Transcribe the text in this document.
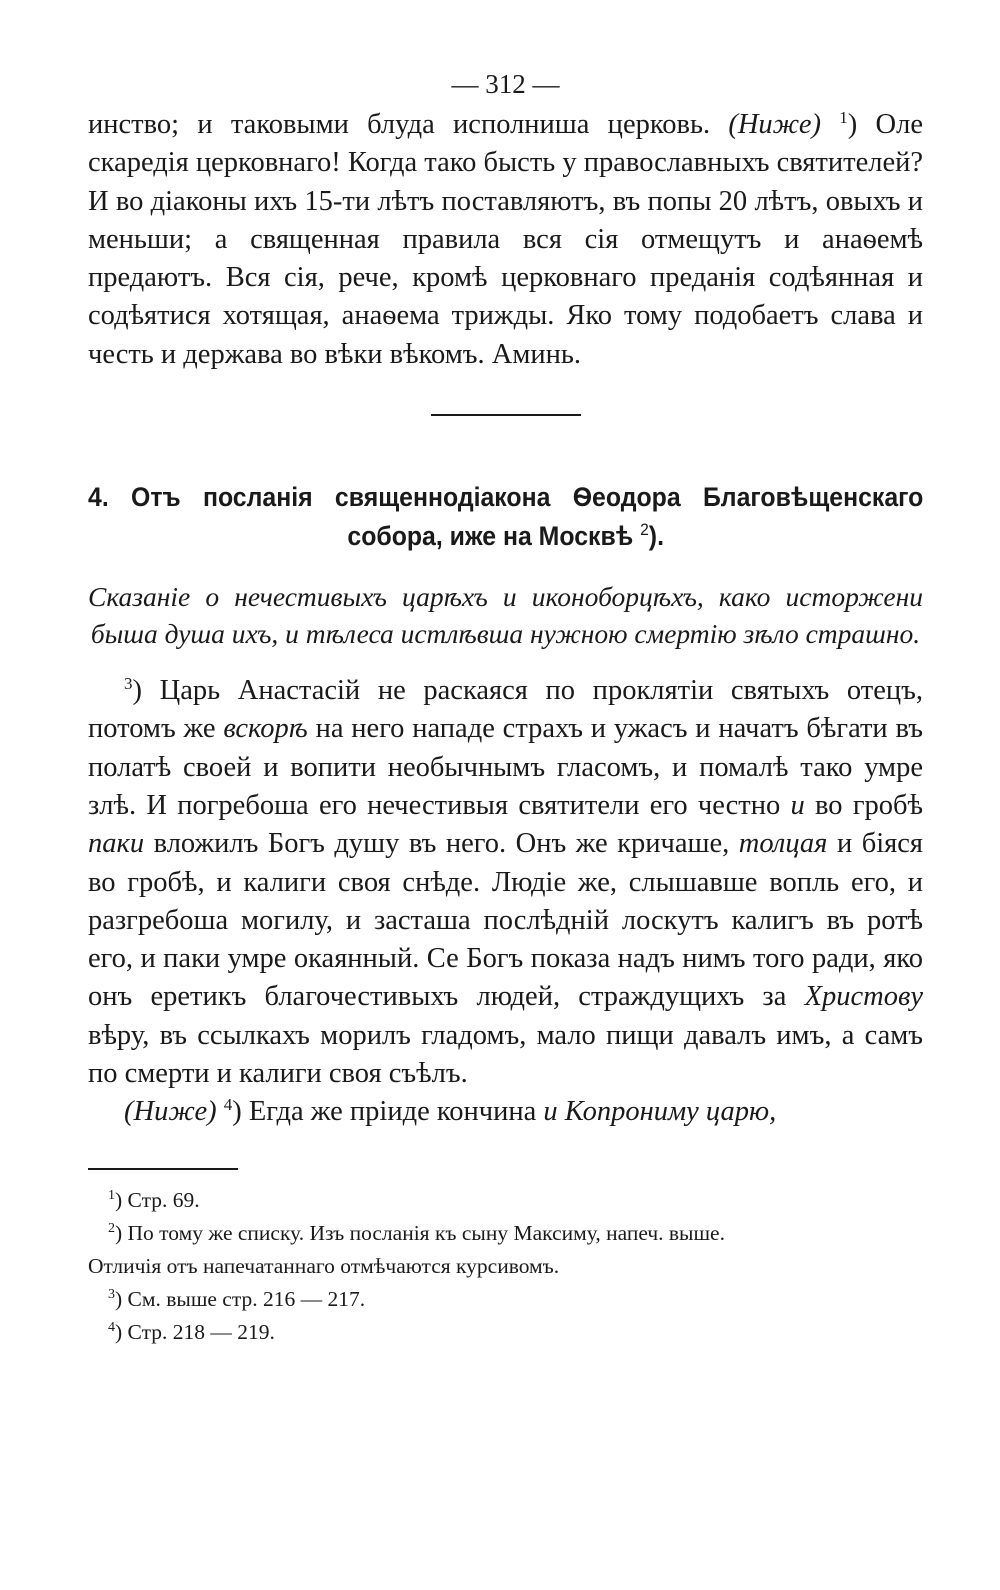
— 312 —

инство; и таковыми блуда исполниша церковь. (Ниже) $^1$) Оле скаредія церковнаго! Когда тако бысть у православныхъ святителей? И во діаконы ихъ 15-ти лѣтъ поставляютъ, въ попы 20 лѣтъ, овыхъ и меньши; а священная правила вся сія отмещутъ и анаѳемѣ предаютъ. Вся сія, рече, кромѣ церковнаго преданія содѣянная и содѣятися хотящая, анаѳема трижды. Яко тому подобаетъ слава и честь и держава во вѣки вѣкомъ. Аминь.

4. Отъ посланія священнодіакона Ѳеодора Благовѣщенскаго собора, иже на Москвѣ $^2$).
Сказаніе о нечестивыхъ царѣхъ и иконоборцѣхъ, како исторжени быша душа ихъ, и тѣлеса истлѣвша нужною смертію зѣло страшно.

$^3$) Царь Анастасій не раскаяся по проклятіи святыхъ отецъ, потомъ же вскорѣ на него нападе страхъ и ужасъ и начатъ бѣгати въ полатѣ своей и вопити необычнымъ гласомъ, и помалѣ тако умре злѣ. И погребоша его нечестивыя святители его честно и во гробѣ паки вложилъ Богъ душу въ него. Онъ же кричаше, толцая и біяся во гробѣ, и калиги своя снѣде. Людіе же, слышавше вопль его, и разгребоша могилу, и засташа послѣдній лоскутъ калигъ въ ротѣ его, и паки умре окаянный. Се Богъ показа надъ нимъ того ради, яко онъ еретикъ благочестивыхъ людей, страждущихъ за Христову вѣру, въ ссылкахъ морилъ гладомъ, мало пищи давалъ имъ, а самъ по смерти и калиги своя съѣлъ.

(Ниже) $^4$) Егда же пріиде кончина и Копрониму царю,

$^1$) Стр. 69.
$^2$) По тому же списку. Изъ посланія къ сыну Максиму, напеч. выше.
Отличія отъ напечатаннаго отмѣчаются курсивомъ.
$^3$) См. выше стр. 216 — 217.
$^4$) Стр. 218 — 219.
